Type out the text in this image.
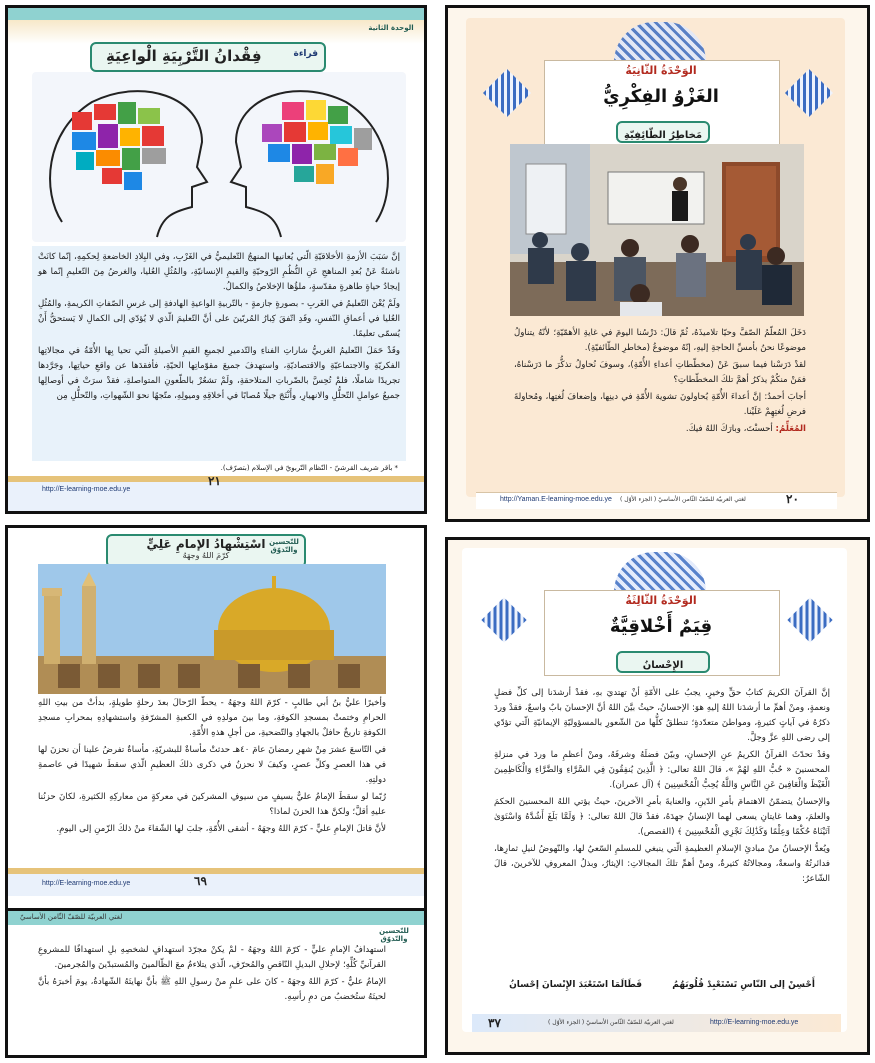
الوحدة الثانية
قراءة
فِقْدانُ التَّرْبِيَةِ الْواعِيَةِ

إنَّ سَبَبَ الأزمةِ الأخلاقيّةِ الّتي يُعانيها المنهجُ التّعليميُّ في الغَرْبِ، وفي البِلادِ الخاضعةِ لِحكمِهِ، إنّما كانَتْ ناشئةً عَنْ بُعدِ المناهجِ عَنِ النُّظُمِ الرّوحيّةِ والقيمِ الإنسانيّةِ، والمُثُلِ العُليا، والغرضُ مِنَ التّعليمِ إنّما هو إيجادُ حياةٍ طاهرةٍ مقدّسةٍ، ملؤُها الإخلاصُ والكمالُ.

ولَمْ يُعْنَ التّعليمُ في الغَربِ - بصورةٍ جازمةٍ - بالتّربيةِ الواعيةِ الهادفةِ إلى غرسِ الصّفاتِ الكريمةِ، والمُثُلِ العُليا في أعماقِ النّفسِ، وقَدِ اتّفقَ كِبارُ المُربّينَ على أنَّ التّعليمَ الّذي لا يُؤدّي إلى الكمالِ لا يَستحقُّ أَنْ يُسمّى تعليمًا.

وقَدْ حَمَلَ التّعليمُ الغربيُّ شاراتِ الفناءِ والتّدميرِ لجميعِ القيمِ الأصيلةِ الّتي تحيا بِها الأُمّةُ في مجالاتِها الفكريّةِ والاجتماعيّةِ والاقتصاديّةِ، واستهدفَ جميعَ مقوّماتِها الحيّةِ، فأفقدَها عن واقعِ حياتِها، وجَرَّدها تجريدًا شاملًا، فلمْ تُحِسَّ بالضّرباتِ المتلاحقةِ، ولَمْ تشعُرْ بالطّعونِ المتواصلةِ، فقدْ سرَتْ في أوصالِها جميعُ عواملِ التّحلُّلِ والانهيارِ، وأَنْتَجَ جيلًا مُصابًا في أخلاقِهِ وميولِهِ، متّجهًا نحوَ الشّهواتِ، والتّحلُّلِ مِن

* باقر شريف القرشيّ - النّظام التّربويّ في الإسلام (بتصرّف).
http://E-learning-moe.edu.ye
٢١
الوَحْدَةُ الثّانِيَةُ
الغَزْوُ الفِكْرِيُّ
مَخاطِرُ الطّائِفِيّةِ

دَخَلَ المُعلّمُ الصّفَّ وحيّا تلاميذَهُ، ثُمّ قالَ: دَرْسُنا اليومَ في غايةِ الأهمّيّةِ؛ لأنّهُ يتناولُ موضوعًا نحنُ بأمسِّ الحاجةِ إليهِ، إنّهُ موضوعُ (مخاطرِ الطّائفيّةِ).

لقدْ دَرَسْنا فيما سبقَ عَنْ (مخطّطاتِ أعداءِ الأُمّةِ)، وسوفَ نُحاولُ تذكُّرَ ما دَرَسْناهُ، فمَنْ منكُمْ يذكرُ أهمَّ تلكَ المخطّطاتِ؟

أجابَ أحمدُ: إنَّ أعداءَ الأُمّةِ يُحاولونَ تشويهَ الأُمّةِ في دينِها، وإضعافَ لُغتِها، ومُحاولةَ فرضِ لُغتِهِمْ عَلَيْنا.

المُعَلِّمُ: أحسنْتَ، وبارَكَ اللهُ فيكَ.

http://Yaman.E-learning-moe.edu.ye لغتي العربيّة للصّفّ الثّامن الأساسيّ ( الجزء الأوّل )	٢٠
اسْتِشْهادُ الإمامِ عَلِيٍّ
كرّمَ اللهُ وجهَهُ
للتّحسين والتّذوّق

وأخيرًا عليُّ بنُ أبي طالبٍ - كرّمَ اللهُ وجهَهُ - يحطُّ الرّحالَ بعدَ رحلةٍ طويلةٍ، بدأتْ من بيتِ اللهِ الحرامِ وختمتْ بمسجدِ الكوفةِ، وما بينَ مولدِهِ في الكعبةِ المشرّفةِ واستشهادِهِ بمحرابِ مسجدِ الكوفةِ تاريخٌ حافلٌ بالجهادِ والتّضحيةِ، من أجلِ هذهِ الأُمّةِ.

في التّاسعَ عشرَ مِنْ شهرِ رمضانَ عامَ ٤٠هـ حدثتْ مأساةٌ للبشريّةِ، مأساةٌ تفرضُ علينا أن نحزنَ لها في هذا العصرِ وكلِّ عصرٍ، وكيفَ لا نحزنُ في ذكرى ذلكَ العظيمِ الّذي سقطَ شهيدًا في عاصمةِ دولتِهِ.

رُبّما لو سقطَ الإمامُ عليٌّ بسيفٍ من سيوفِ المشركينَ في معركةٍ من معاركِهِ الكثيرةِ، لكانَ حزنُنا عليهِ أقلَّ؛ ولكنَّ هذا الحزنَ لماذا؟

لأنَّ قاتلَ الإمامِ عليٍّ - كرّمَ اللهُ وجهَهُ - أشقى الأُمّةِ، جلبَ لها الشّقاءَ منْ ذلكَ الزّمنِ إلى اليومِ.

http://E-learning-moe.edu.ye	٦٩
لغتي العربيّة للصّفّ الثّامن الأساسيّ
للتّحسين والتّذوّق

استهدافُ الإمامِ عليٍّ - كرّمَ اللهُ وجهَهُ - لمْ يكنْ مجرّدَ استهدافٍ لشخصِهِ بلِ استهدافًا للمشروعِ القرآنيِّ كُلِّهِ؛ لإحلالِ البديلِ النّاقصِ والمُحرّفِ، الّذي يتلاءمُ معَ الظّالمينَ والمُستبدّينَ والمُجرمينَ.

الإمامُ عليٌّ - كرّمَ اللهُ وجهَهُ - كانَ على علمٍ منْ رسولِ اللهِ ﷺ بأنَّ نهايتَهُ الشّهادةُ، يومَ أخبرَهُ بأنَّ لحيتَهُ ستُخضبُ من دمِ رأسِهِ.

الوَحْدَةُ الثّالِثَةُ
قِيَمٌ أَخْلاقِيَّةٌ
الإِحْسانُ

إنَّ القرآنَ الكريمَ كتابُ حقٍّ وخيرٍ، يجبُ على الأُمّةِ أنْ تهتديَ بهِ، فقدْ أرشدَنا إلى كلِّ فضلٍ ونعمةٍ، ومنْ أهمِّ ما أرشدَنا اللهُ إليهِ هوَ: الإحسانُ، حيثُ بيَّنَ اللهُ أنَّ الإحسانَ بابٌ واسعٌ، فقدْ وردَ ذكرُهُ في آياتٍ كثيرةٍ، ومواطنَ متعدّدةٍ؛ تنطلقُ كلُّها منَ الشّعورِ بالمسؤوليّةِ الإيمانيّةِ الّتي تؤدّي إلى رضى اللهِ عزَّ وجلَّ.

وقدْ تحدّثَ القرآنُ الكريمُ عنِ الإحسانِ، وبيّنَ فضلَهُ وشرفَهُ، ومنْ أعظمِ ما وردَ في منزلةِ المحسنينَ « حُبُّ اللهِ لهُمْ »، قالَ اللهُ تعالى: ﴿ الَّذِينَ يُنفِقُونَ فِي السَّرَّاءِ وَالضَّرَّاءِ وَالْكَاظِمِينَ الْغَيْظَ وَالْعَافِينَ عَنِ النَّاسِ وَاللَّهُ يُحِبُّ الْمُحْسِنِينَ ﴾ (آل عمران).

والإحسانُ يتضمّنُ الاهتمامَ بأمرِ الدّينِ، والعنايةَ بأمرِ الآخرينَ، حيثُ يؤتي اللهُ المحسنينَ الحكمَ والعلمَ، وهما غايتانِ يسعى لهما الإنسانُ جهدَهُ، فقدْ قالَ اللهُ تعالى: ﴿ وَلَمَّا بَلَغَ أَشُدَّهُ وَاسْتَوَىٰ آتَيْنَاهُ حُكْمًا وَعِلْمًا وَكَذَٰلِكَ نَجْزِي الْمُحْسِنِينَ ﴾ (القصص).

ويُعدُّ الإحسانُ منْ مبادئِ الإسلامِ العظيمةِ الّتي ينبغي للمسلمِ السّعيُ لها، والنّهوضُ لنيلِ ثمارِها، فدائرتُهُ واسعةٌ، ومجالاتُهُ كثيرةٌ، ومنْ أهمِّ تلكَ المجالاتِ: الإيثارُ، وبذلُ المعروفِ للآخرينَ، قالَ الشّاعرُ:

أَحْسِنْ إلى النّاسِ تَسْتَعْبِدْ قُلُوبَهُمُ
فَطَالَمَا اسْتَعْبَدَ الإِنْسانَ إحْسانُ
٣٧	لغتي العربيّة للصّفّ الثّامن الأساسيّ ( الجزء الأوّل )	http://E-learning-moe.edu.ye
